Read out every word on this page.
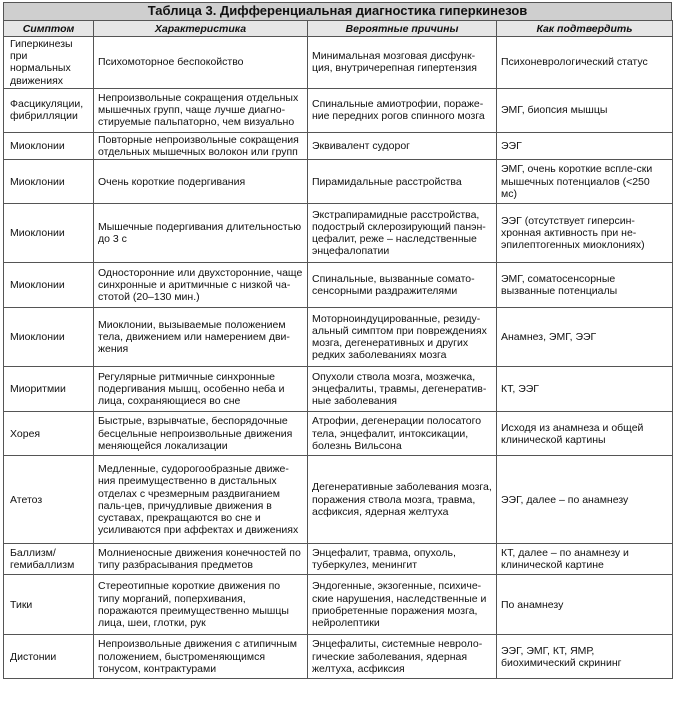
Таблица 3. Дифференциальная диагностика гиперкинезов
Симптом	Характеристика	Вероятные причины	Как подтвердить
Гиперкинезы при нормальных движениях	Психомоторное беспокойство	Минимальная мозговая дисфунк-ция, внутричерепная гипертензия	Психоневрологический статус
Фасцикуляции, фибрилляции	Непроизвольные сокращения отдельных мышечных групп, чаще лучше диагно-стируемые пальпаторно, чем визуально	Спинальные амиотрофии, пораже-ние передних рогов спинного мозга	ЭМГ, биопсия мышцы
Миоклонии	Повторные непроизвольные сокращения отдельных мышечных волокон или групп	Эквивалент судорог	ЭЭГ
Миоклонии	Очень короткие подергивания	Пирамидальные расстройства	ЭМГ, очень короткие вспле-ски мышечных потенциалов (<250 мс)
Миоклонии	Мышечные подергивания длительностью до 3 с	Экстрапирамидные расстройства, подострый склерозирующий панэн-цефалит, реже – наследственные энцефалопатии	ЭЭГ (отсутствует гиперсин-хронная активность при не-эпилептогенных миоклониях)
Миоклонии	Односторонние или двухсторонние, чаще синхронные и аритмичные с низкой ча-стотой (20–130 мин.)	Спинальные, вызванные сомато-сенсорными раздражителями	ЭМГ, соматосенсорные вызванные потенциалы
Миоклонии	Миоклонии, вызываемые положением тела, движением или намерением дви-жения	Моторноиндуцированные, резиду-альный симптом при повреждениях мозга, дегенеративных и других редких заболеваниях мозга	Анамнез, ЭМГ, ЭЭГ
Миоритмии	Регулярные ритмичные синхронные подергивания мышц, особенно неба и лица, сохраняющиеся во сне	Опухоли ствола мозга, мозжечка, энцефалиты, травмы, дегенератив-ные заболевания	КТ, ЭЭГ
Хорея	Быстрые, взрывчатые, беспорядочные бесцельные непроизвольные движения меняющейся локализации	Атрофии, дегенерации полосатого тела, энцефалит, интоксикации, болезнь Вильсона	Исходя из анамнеза и общей клинической картины
Атетоз	Медленные, судорогообразные движе-ния преимущественно в дистальных отделах с чрезмерным раздвиганием паль-цев, причудливые движения в суставах, прекращаются во сне и усиливаются при аффектах и движениях	Дегенеративные заболевания мозга, поражения ствола мозга, травма, асфиксия, ядерная желтуха	ЭЭГ, далее – по анамнезу
Баллизм/ гемибаллизм	Молниеносные движения конечностей по типу разбрасывания предметов	Энцефалит, травма, опухоль, туберкулез, менингит	КТ, далее – по анамнезу и клинической картине
Тики	Стереотипные короткие движения по типу морганий, поперхивания, поражаются преимущественно мышцы лица, шеи, глотки, рук	Эндогенные, экзогенные, психиче-ские нарушения, наследственные и приобретенные поражения мозга, нейролептики	По анамнезу
Дистонии	Непроизвольные движения с атипичным положением, быстроменяющимся тонусом, контрактурами	Энцефалиты, системные невроло-гические заболевания, ядерная желтуха, асфиксия	ЭЭГ, ЭМГ, КТ, ЯМР, биохимический скрининг
